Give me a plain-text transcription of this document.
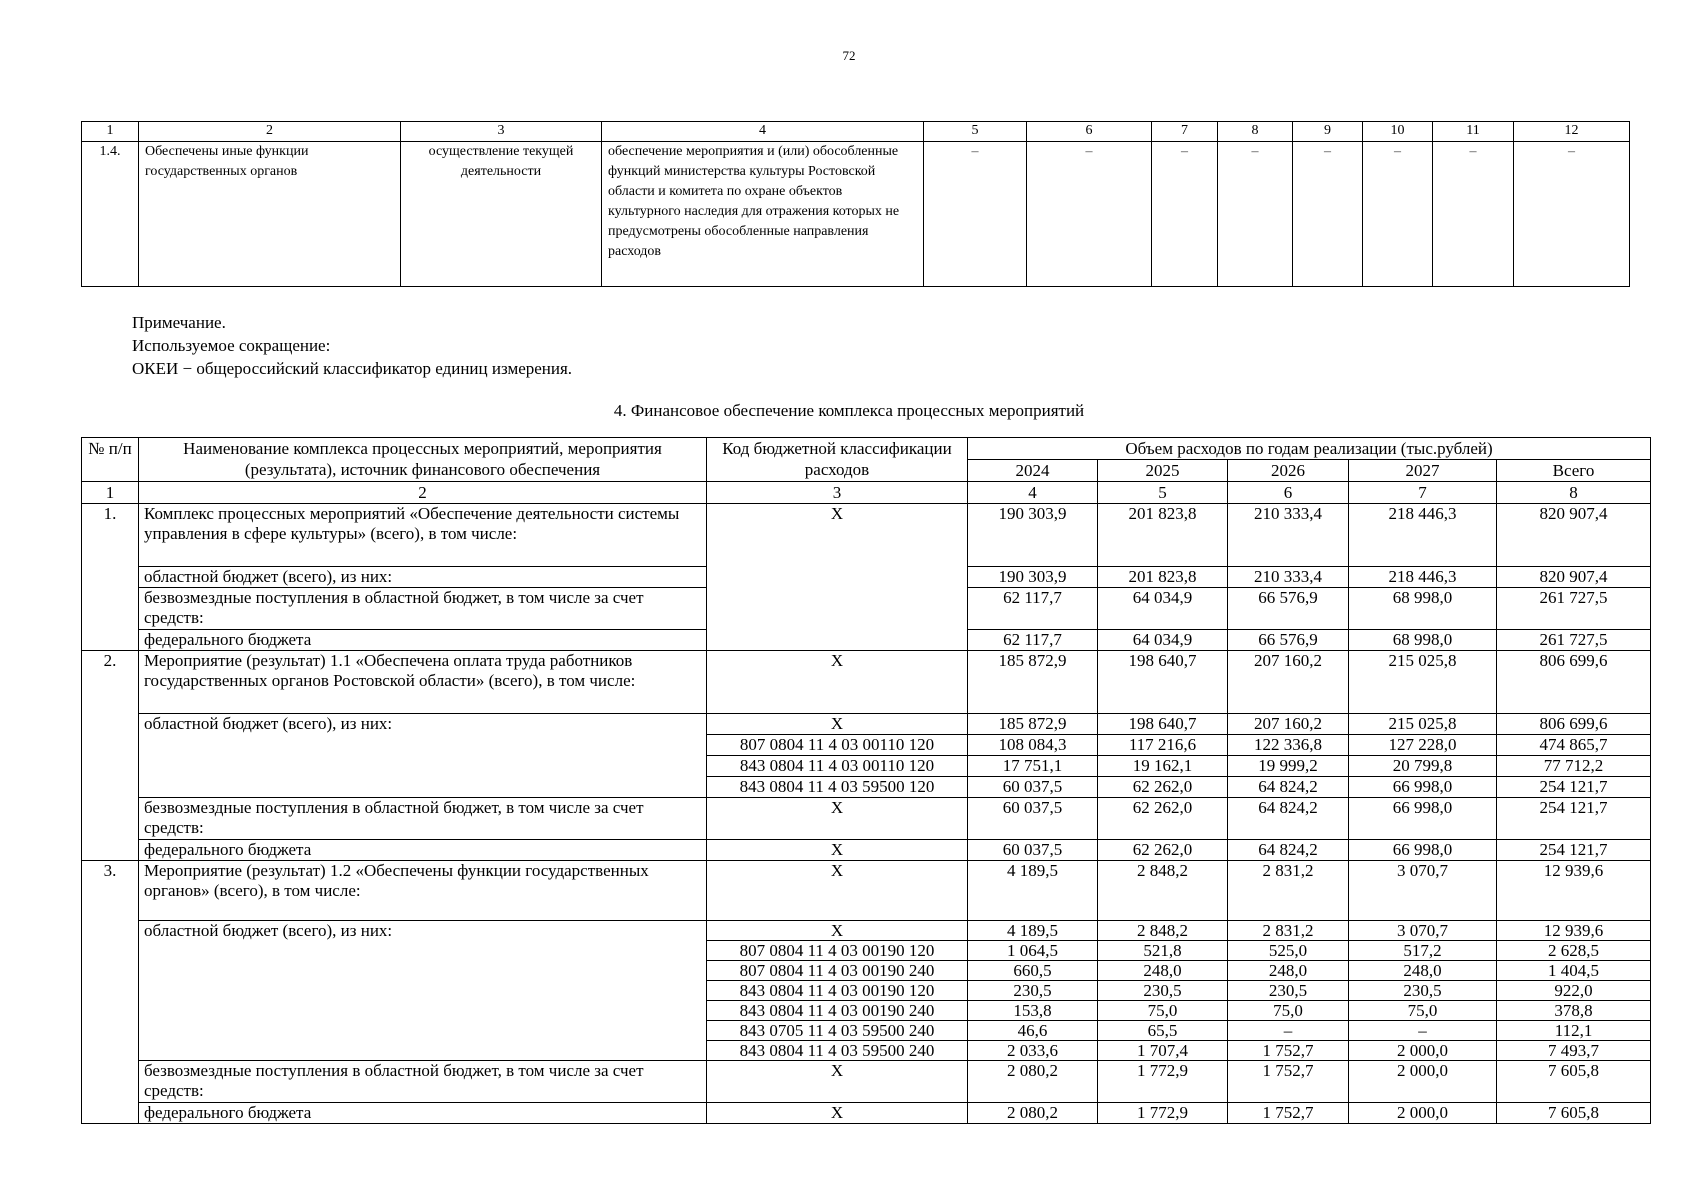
72
1	2	3	4	5	6	7	8	9	10	11	12
1.4.	Обеспечены иные функции государственных органов	осуществление текущей деятельности	обеспечение мероприятия и (или) обособленные функций министерства культуры Ростовской области и комитета по охране объектов культурного наследия для отражения которых не предусмотрены обособленные направления расходов	–	–	–	–	–	–	–	–
Примечание.
Используемое сокращение:
ОКЕИ − общероссийский классификатор единиц измерения.
4. Финансовое обеспечение комплекса процессных мероприятий
№ п/п	Наименование комплекса процессных мероприятий, мероприятия (результата), источник финансового обеспечения	Код бюджетной классификации расходов	Объем расходов по годам реализации (тыс.рублей)				
			2024	2025	2026	2027	Всего
1	2	3	4	5	6	7	8
1.	Комплекс процессных мероприятий «Обеспечение деятельности системы управления в сфере культуры» (всего), в том числе:	Х	190 303,9	201 823,8	210 333,4	218 446,3	820 907,4
	областной бюджет (всего), из них:		190 303,9	201 823,8	210 333,4	218 446,3	820 907,4
	безвозмездные поступления в областной бюджет, в том числе за счет средств:		62 117,7	64 034,9	66 576,9	68 998,0	261 727,5
	федерального бюджета		62 117,7	64 034,9	66 576,9	68 998,0	261 727,5
2.	Мероприятие (результат) 1.1 «Обеспечена оплата труда работников государственных органов Ростовской области» (всего), в том числе:	Х	185 872,9	198 640,7	207 160,2	215 025,8	806 699,6
	областной бюджет (всего), из них:	Х	185 872,9	198 640,7	207 160,2	215 025,8	806 699,6
		807 0804 11 4 03 00110 120	108 084,3	117 216,6	122 336,8	127 228,0	474 865,7
		843 0804 11 4 03 00110 120	17 751,1	19 162,1	19 999,2	20 799,8	77 712,2
		843 0804 11 4 03 59500 120	60 037,5	62 262,0	64 824,2	66 998,0	254 121,7
	безвозмездные поступления в областной бюджет, в том числе за счет средств:	Х	60 037,5	62 262,0	64 824,2	66 998,0	254 121,7
	федерального бюджета	Х	60 037,5	62 262,0	64 824,2	66 998,0	254 121,7
3.	Мероприятие (результат) 1.2 «Обеспечены функции государственных органов» (всего), в том числе:	Х	4 189,5	2 848,2	2 831,2	3 070,7	12 939,6
	областной бюджет (всего), из них:	Х	4 189,5	2 848,2	2 831,2	3 070,7	12 939,6
		807 0804 11 4 03 00190 120	1 064,5	521,8	525,0	517,2	2 628,5
		807 0804 11 4 03 00190 240	660,5	248,0	248,0	248,0	1 404,5
		843 0804 11 4 03 00190 120	230,5	230,5	230,5	230,5	922,0
		843 0804 11 4 03 00190 240	153,8	75,0	75,0	75,0	378,8
		843 0705 11 4 03 59500 240	46,6	65,5	–	–	112,1
		843 0804 11 4 03 59500 240	2 033,6	1 707,4	1 752,7	2 000,0	7 493,7
	безвозмездные поступления в областной бюджет, в том числе за счет средств:	Х	2 080,2	1 772,9	1 752,7	2 000,0	7 605,8
	федерального бюджета	Х	2 080,2	1 772,9	1 752,7	2 000,0	7 605,8
